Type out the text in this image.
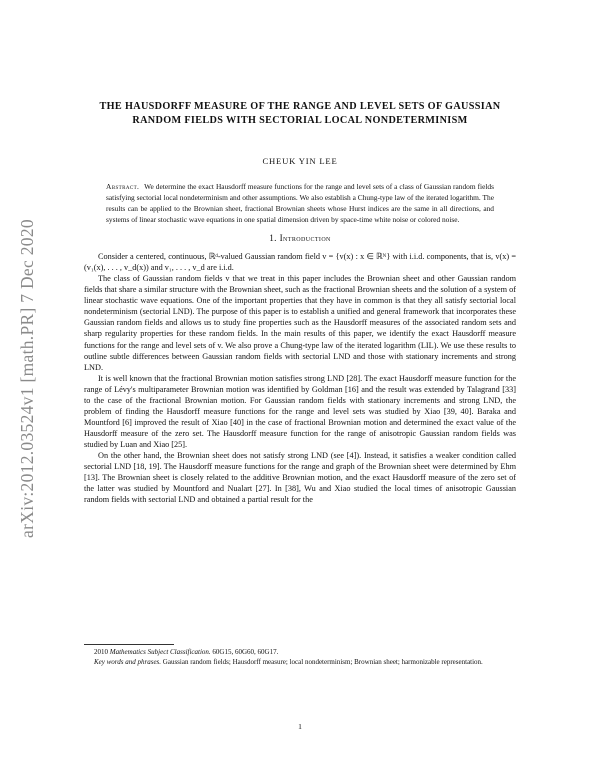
arXiv:2012.03524v1 [math.PR] 7 Dec 2020
THE HAUSDORFF MEASURE OF THE RANGE AND LEVEL SETS OF GAUSSIAN RANDOM FIELDS WITH SECTORIAL LOCAL NONDETERMINISM
CHEUK YIN LEE
Abstract. We determine the exact Hausdorff measure functions for the range and level sets of a class of Gaussian random fields satisfying sectorial local nondeterminism and other assumptions. We also establish a Chung-type law of the iterated logarithm. The results can be applied to the Brownian sheet, fractional Brownian sheets whose Hurst indices are the same in all directions, and systems of linear stochastic wave equations in one spatial dimension driven by space-time white noise or colored noise.
1. Introduction

Consider a centered, continuous, ℝᵈ-valued Gaussian random field v = {v(x) : x ∈ ℝᴺ} with i.i.d. components, that is, v(x) = (v₁(x), . . . , v_d(x)) and v₁, . . . , v_d are i.i.d.

The class of Gaussian random fields v that we treat in this paper includes the Brownian sheet and other Gaussian random fields that share a similar structure with the Brownian sheet, such as the fractional Brownian sheets and the solution of a system of linear stochastic wave equations. One of the important properties that they have in common is that they all satisfy sectorial local nondeterminism (sectorial LND). The purpose of this paper is to establish a unified and general framework that incorporates these Gaussian random fields and allows us to study fine properties such as the Hausdorff measures of the associated random sets and sharp regularity properties for these random fields. In the main results of this paper, we identify the exact Hausdorff measure functions for the range and level sets of v. We also prove a Chung-type law of the iterated logarithm (LIL). We use these results to outline subtle differences between Gaussian random fields with sectorial LND and those with stationary increments and strong LND.

It is well known that the fractional Brownian motion satisfies strong LND [28]. The exact Hausdorff measure function for the range of Lévy's multiparameter Brownian motion was identified by Goldman [16] and the result was extended by Talagrand [33] to the case of the fractional Brownian motion. For Gaussian random fields with stationary increments and strong LND, the problem of finding the Hausdorff measure functions for the range and level sets was studied by Xiao [39, 40]. Baraka and Mountford [6] improved the result of Xiao [40] in the case of fractional Brownian motion and determined the exact value of the Hausdorff measure of the zero set. The Hausdorff measure function for the range of anisotropic Gaussian random fields was studied by Luan and Xiao [25].

On the other hand, the Brownian sheet does not satisfy strong LND (see [4]). Instead, it satisfies a weaker condition called sectorial LND [18, 19]. The Hausdorff measure functions for the range and graph of the Brownian sheet were determined by Ehm [13]. The Brownian sheet is closely related to the additive Brownian motion, and the exact Hausdorff measure of the zero set of the latter was studied by Mountford and Nualart [27]. In [38], Wu and Xiao studied the local times of anisotropic Gaussian random fields with sectorial LND and obtained a partial result for the

2010 Mathematics Subject Classification. 60G15, 60G60, 60G17.

Key words and phrases. Gaussian random fields; Hausdorff measure; local nondeterminism; Brownian sheet; harmonizable representation.

1
